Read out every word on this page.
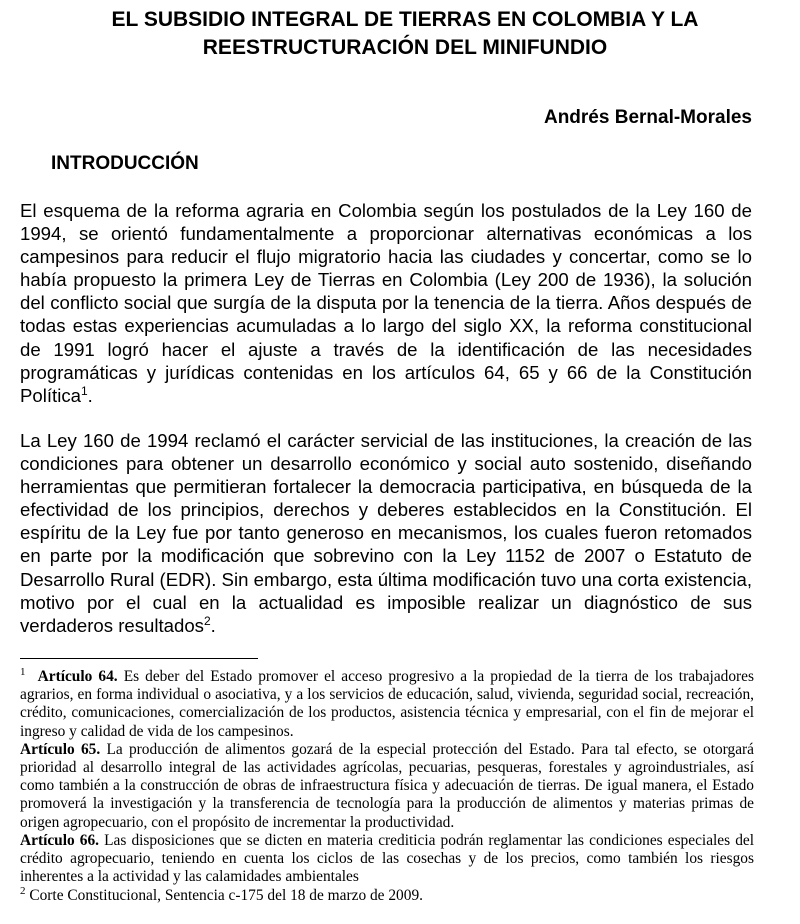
EL SUBSIDIO INTEGRAL DE TIERRAS EN COLOMBIA Y LA REESTRUCTURACIÓN DEL MINIFUNDIO

Andrés Bernal-Morales

INTRODUCCIÓN

El esquema de la reforma agraria en Colombia según los postulados de la Ley 160 de 1994, se orientó fundamentalmente a proporcionar alternativas económicas a los campesinos para reducir el flujo migratorio hacia las ciudades y concertar, como se lo había propuesto la primera Ley de Tierras en Colombia (Ley 200 de 1936), la solución del conflicto social que surgía de la disputa por la tenencia de la tierra. Años después de todas estas experiencias acumuladas a lo largo del siglo XX, la reforma constitucional de 1991 logró hacer el ajuste a través de la identificación de las necesidades programáticas y jurídicas contenidas en los artículos 64, 65 y 66 de la Constitución Política$^1$.

La Ley 160 de 1994 reclamó el carácter servicial de las instituciones, la creación de las condiciones para obtener un desarrollo económico y social auto sostenido, diseñando herramientas que permitieran fortalecer la democracia participativa, en búsqueda de la efectividad de los principios, derechos y deberes establecidos en la Constitución. El espíritu de la Ley fue por tanto generoso en mecanismos, los cuales fueron retomados en parte por la modificación que sobrevino con la Ley 1152 de 2007 o Estatuto de Desarrollo Rural (EDR). Sin embargo, esta última modificación tuvo una corta existencia, motivo por el cual en la actualidad es imposible realizar un diagnóstico de sus verdaderos resultados$^2$.

$^1$ Artículo 64. Es deber del Estado promover el acceso progresivo a la propiedad de la tierra de los trabajadores agrarios, en forma individual o asociativa, y a los servicios de educación, salud, vivienda, seguridad social, recreación, crédito, comunicaciones, comercialización de los productos, asistencia técnica y empresarial, con el fin de mejorar el ingreso y calidad de vida de los campesinos.

Artículo 65. La producción de alimentos gozará de la especial protección del Estado. Para tal efecto, se otorgará prioridad al desarrollo integral de las actividades agrícolas, pecuarias, pesqueras, forestales y agroindustriales, así como también a la construcción de obras de infraestructura física y adecuación de tierras. De igual manera, el Estado promoverá la investigación y la transferencia de tecnología para la producción de alimentos y materias primas de origen agropecuario, con el propósito de incrementar la productividad.

Artículo 66. Las disposiciones que se dicten en materia crediticia podrán reglamentar las condiciones especiales del crédito agropecuario, teniendo en cuenta los ciclos de las cosechas y de los precios, como también los riesgos inherentes a la actividad y las calamidades ambientales

$^2$ Corte Constitucional, Sentencia c-175 del 18 de marzo de 2009.
